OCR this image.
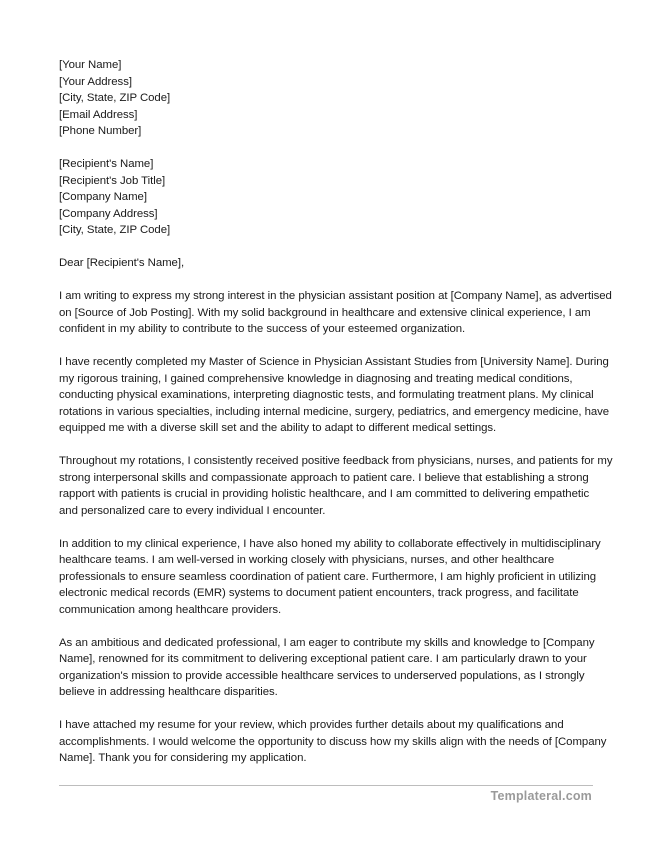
[Your Name]
[Your Address]
[City, State, ZIP Code]
[Email Address]
[Phone Number]
[Recipient's Name]
[Recipient's Job Title]
[Company Name]
[Company Address]
[City, State, ZIP Code]

Dear [Recipient's Name],

I am writing to express my strong interest in the physician assistant position at [Company Name], as advertised
on [Source of Job Posting]. With my solid background in healthcare and extensive clinical experience, I am
confident in my ability to contribute to the success of your esteemed organization.

I have recently completed my Master of Science in Physician Assistant Studies from [University Name]. During
my rigorous training, I gained comprehensive knowledge in diagnosing and treating medical conditions,
conducting physical examinations, interpreting diagnostic tests, and formulating treatment plans. My clinical
rotations in various specialties, including internal medicine, surgery, pediatrics, and emergency medicine, have
equipped me with a diverse skill set and the ability to adapt to different medical settings.

Throughout my rotations, I consistently received positive feedback from physicians, nurses, and patients for my
strong interpersonal skills and compassionate approach to patient care. I believe that establishing a strong
rapport with patients is crucial in providing holistic healthcare, and I am committed to delivering empathetic
and personalized care to every individual I encounter.

In addition to my clinical experience, I have also honed my ability to collaborate effectively in multidisciplinary
healthcare teams. I am well-versed in working closely with physicians, nurses, and other healthcare
professionals to ensure seamless coordination of patient care. Furthermore, I am highly proficient in utilizing
electronic medical records (EMR) systems to document patient encounters, track progress, and facilitate
communication among healthcare providers.

As an ambitious and dedicated professional, I am eager to contribute my skills and knowledge to [Company
Name], renowned for its commitment to delivering exceptional patient care. I am particularly drawn to your
organization's mission to provide accessible healthcare services to underserved populations, as I strongly
believe in addressing healthcare disparities.

I have attached my resume for your review, which provides further details about my qualifications and
accomplishments. I would welcome the opportunity to discuss how my skills align with the needs of [Company
Name]. Thank you for considering my application.

Templateral.com
